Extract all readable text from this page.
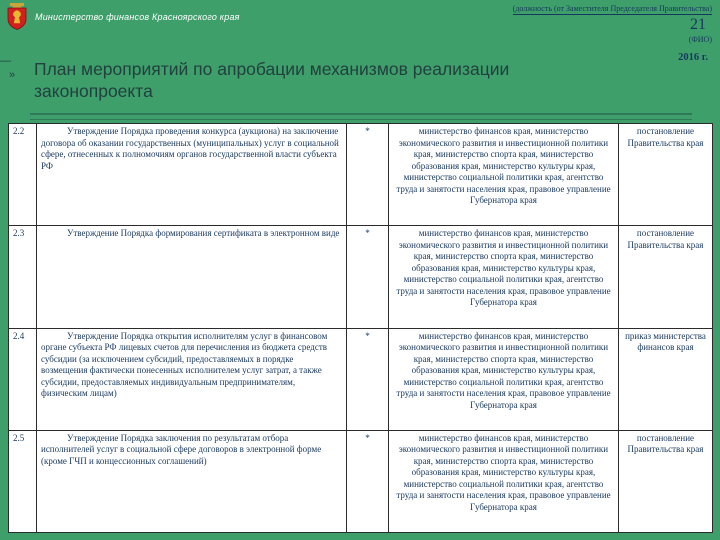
Министерство финансов Красноярского края
(должность (от Заместителя Председателя Правительства)
21
(ФИО)
2016 г.
—
» План мероприятий по апробации механизмов реализации законопроекта
2.2	Утверждение Порядка проведения конкурса (аукциона) на заключение договора об оказании государственных (муниципальных) услуг в социальной сфере, отнесенных к полномочиям органов государственной власти субъекта РФ	*	министерство финансов края, министерство экономического развития и инвестиционной политики края, министерство спорта края, министерство образования края, министерство культуры края, министерство социальной политики края, агентство труда и занятости населения края, правовое управление Губернатора края	постановление Правительства края
2.3	Утверждение Порядка формирования сертификата в электронном виде	*	министерство финансов края, министерство экономического развития и инвестиционной политики края, министерство спорта края, министерство образования края, министерство культуры края, министерство социальной политики края, агентство труда и занятости населения края, правовое управление Губернатора края	постановление Правительства края
2.4	Утверждение Порядка открытия исполнителям услуг в финансовом органе субъекта РФ лицевых счетов для перечисления из бюджета средств субсидии (за исключением субсидий, предоставляемых в порядке возмещения фактически понесенных исполнителем услуг затрат, а также субсидии, предоставляемых индивидуальным предпринимателям, физическим лицам)	*	министерство финансов края, министерство экономического развития и инвестиционной политики края, министерство спорта края, министерство образования края, министерство культуры края, министерство социальной политики края, агентство труда и занятости населения края, правовое управление Губернатора края	приказ министерства финансов края
2.5	Утверждение Порядка заключения по результатам отбора исполнителей услуг в социальной сфере договоров в электронной форме (кроме ГЧП и концессионных соглашений)	*	министерство финансов края, министерство экономического развития и инвестиционной политики края, министерство спорта края, министерство образования края, министерство культуры края, министерство социальной политики края, агентство труда и занятости населения края, правовое управление Губернатора края	постановление Правительства края
